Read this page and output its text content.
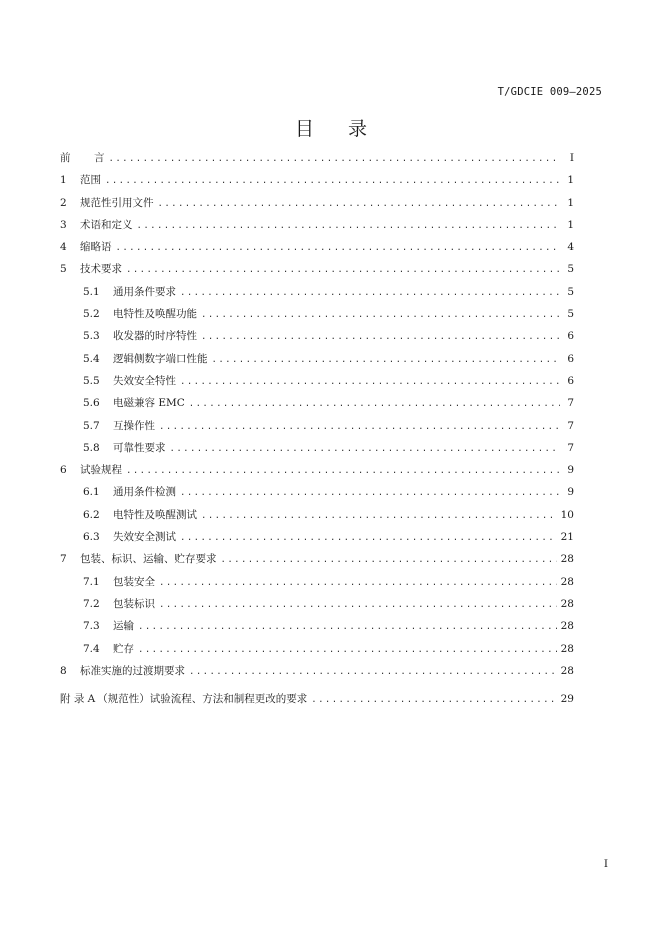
T/GDCIE 009—2025
目 录
前	言 .....	I
1	范围 .....	1
2	规范性引用文件 .....	1
3	术语和定义 .....	1
4	缩略语 .....	4
5	技术要求 .....	5
5.1	通用条件要求 .....	5
5.2	电特性及唤醒功能 .....	5
5.3	收发器的时序特性 .....	6
5.4	逻辑侧数字端口性能 .....	6
5.5	失效安全特性 .....	6
5.6	电磁兼容 EMC .....	7
5.7	互操作性 .....	7
5.8	可靠性要求 .....	7
6	试验规程 .....	9
6.1	通用条件检测 .....	9
6.2	电特性及唤醒测试 .....	10
6.3	失效安全测试 .....	21
7	包装、标识、运输、贮存要求 .....	28
7.1	包装安全 .....	28
7.2	包装标识 .....	28
7.3	运输 .....	28
7.4	贮存 .....	28
8	标准实施的过渡期要求 .....	28
附 录 A （规范性）试验流程、方法和制程更改的要求 .....	29
I
